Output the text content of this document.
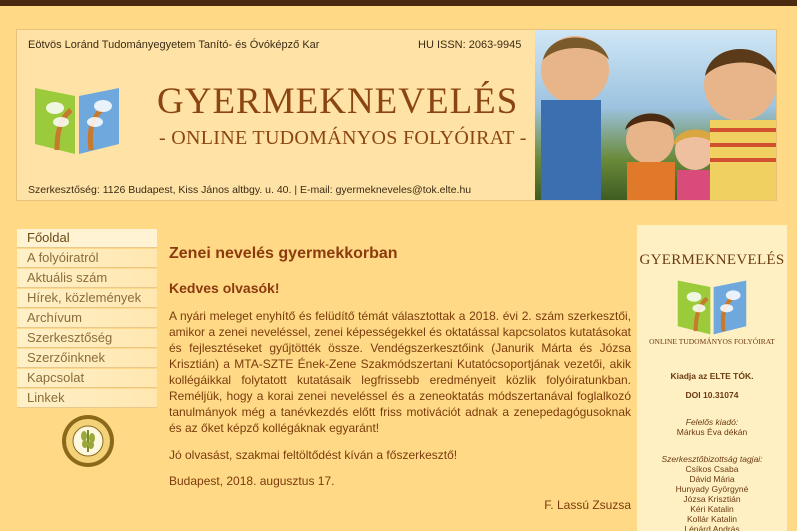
Eötvös Loránd Tudományegyetem Tanító- és Óvóképző Kar	HU ISSN: 2063-9945
GYERMEKNEVELÉS
- ONLINE TUDOMÁNYOS FOLYÓIRAT -
Szerkesztőség: 1126 Budapest, Kiss János altbgy. u. 40. | E-mail: gyermekneveles@tok.elte.hu
Főoldal
A folyóiratról
Aktuális szám
Hírek, közlemények
Archívum
Szerkesztőség
Szerzőinknek
Kapcsolat
Linkek
Zenei nevelés gyermekkorban
Kedves olvasók!

A nyári meleget enyhítő és felüdítő témát választottak a 2018. évi 2. szám szerkesztői, amikor a zenei neveléssel, zenei képességekkel és oktatással kapcsolatos kutatásokat és fejlesztéseket gyűjtötték össze. Vendégszerkesztőink (Janurik Márta és Józsa Krisztián) a MTA-SZTE Ének-Zene Szakmódszertani Kutatócsoportjának vezetői, akik kollégáikkal folytatott kutatásaik legfrissebb eredményeit közlik folyóiratunkban. Reméljük, hogy a korai zenei neveléssel és a zeneoktatás módszertanával foglalkozó tanulmányok még a tanévkezdés előtt friss motivációt adnak a zenepedagógusoknak és az őket képző kollégáknak egyaránt!

Jó olvasást, szakmai feltöltődést kíván a főszerkesztő!

Budapest, 2018. augusztus 17.

F. Lassú Zsuzsa

GYERMEKNEVELÉS
ONLINE TUDOMÁNYOS FOLYÓIRAT
Kiadja az ELTE TÓK.
DOI 10.31074
Felelős kiadó:
Márkus Éva dékán
Szerkesztőbizottság tagjai:
Csíkos Csaba
Dávid Mária
Hunyady Györgyné
Józsa Krisztián
Kéri Katalin
Kollár Katalin
Lénárd András
